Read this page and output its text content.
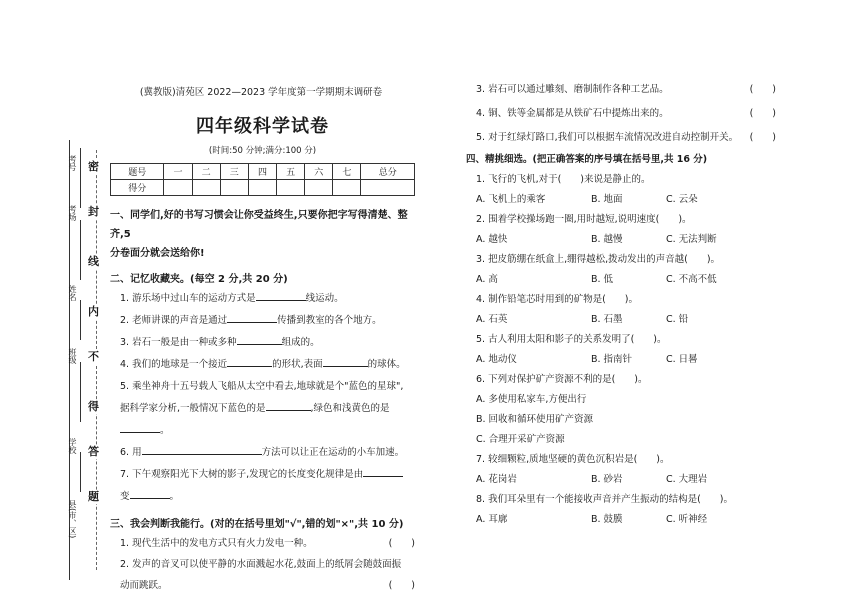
考号
考场
姓名
班级
学校
县(市、区)
密
封
线
内
不
得
答
题
(冀教版)清苑区 2022—2023 学年度第一学期期末调研卷
四年级科学试卷
(时间:50 分钟;满分:100 分)
题号	一	二	三	四	五	六	七	总分
得分								
一、同学们,好的书写习惯会让你受益终生,只要你把字写得清楚、整齐,5
分卷面分就会送给你!
二、记忆收藏夹。(每空 2 分,共 20 分)
1. 游乐场中过山车的运动方式是	线运动。
2. 老师讲课的声音是通过	传播到教室的各个地方。
3. 岩石一般是由一种或多种	组成的。
4. 我们的地球是一个接近	的形状,表面	的球体。
5. 乘坐神舟十五号载人飞船从太空中看去,地球就是个"蓝色的星球",
据科学家分析,一般情况下蓝色的是	,绿色和浅黄色的是
。
6. 用	方法可以让正在运动的小车加速。
7. 下午观察阳光下大树的影子,发现它的长度变化规律是由
变	。
三、我会判断我能行。(对的在括号里划"√",错的划"×",共 10 分)
1. 现代生活中的发电方式只有火力发电一种。	(　　)
2. 发声的音叉可以使平静的水面溅起水花,鼓面上的纸屑会随鼓面振
动而跳跃。	(　　)
3. 岩石可以通过雕刻、磨制制作各种工艺品。	(　　)
4. 铜、铁等金属都是从铁矿石中提炼出来的。	(　　)
5. 对于红绿灯路口,我们可以根据车流情况改进自动控制开关。 (　　)
四、精挑细选。(把正确答案的序号填在括号里,共 16 分)
1. 飞行的飞机,对于(　　)来说是静止的。
A. 飞机上的乘客	B. 地面	C. 云朵
2. 围着学校操场跑一圈,用时越短,说明速度(　　)。
A. 越快	B. 越慢	C. 无法判断
3. 把皮筋绷在纸盒上,绷得越松,拨动发出的声音越(　　)。
A. 高	B. 低	C. 不高不低
4. 制作铅笔芯时用到的矿物是(　　)。
A. 石英	B. 石墨	C. 铅
5. 古人利用太阳和影子的关系发明了(　　)。
A. 地动仪	B. 指南针	C. 日晷
6. 下列对保护矿产资源不利的是(　　)。
A. 多使用私家车,方便出行
B. 回收和循环使用矿产资源
C. 合理开采矿产资源
7. 较细颗粒,质地坚硬的黄色沉积岩是(　　)。
A. 花岗岩	B. 砂岩	C. 大理岩
8. 我们耳朵里有一个能接收声音并产生振动的结构是(　　)。
A. 耳廓	B. 鼓膜	C. 听神经
